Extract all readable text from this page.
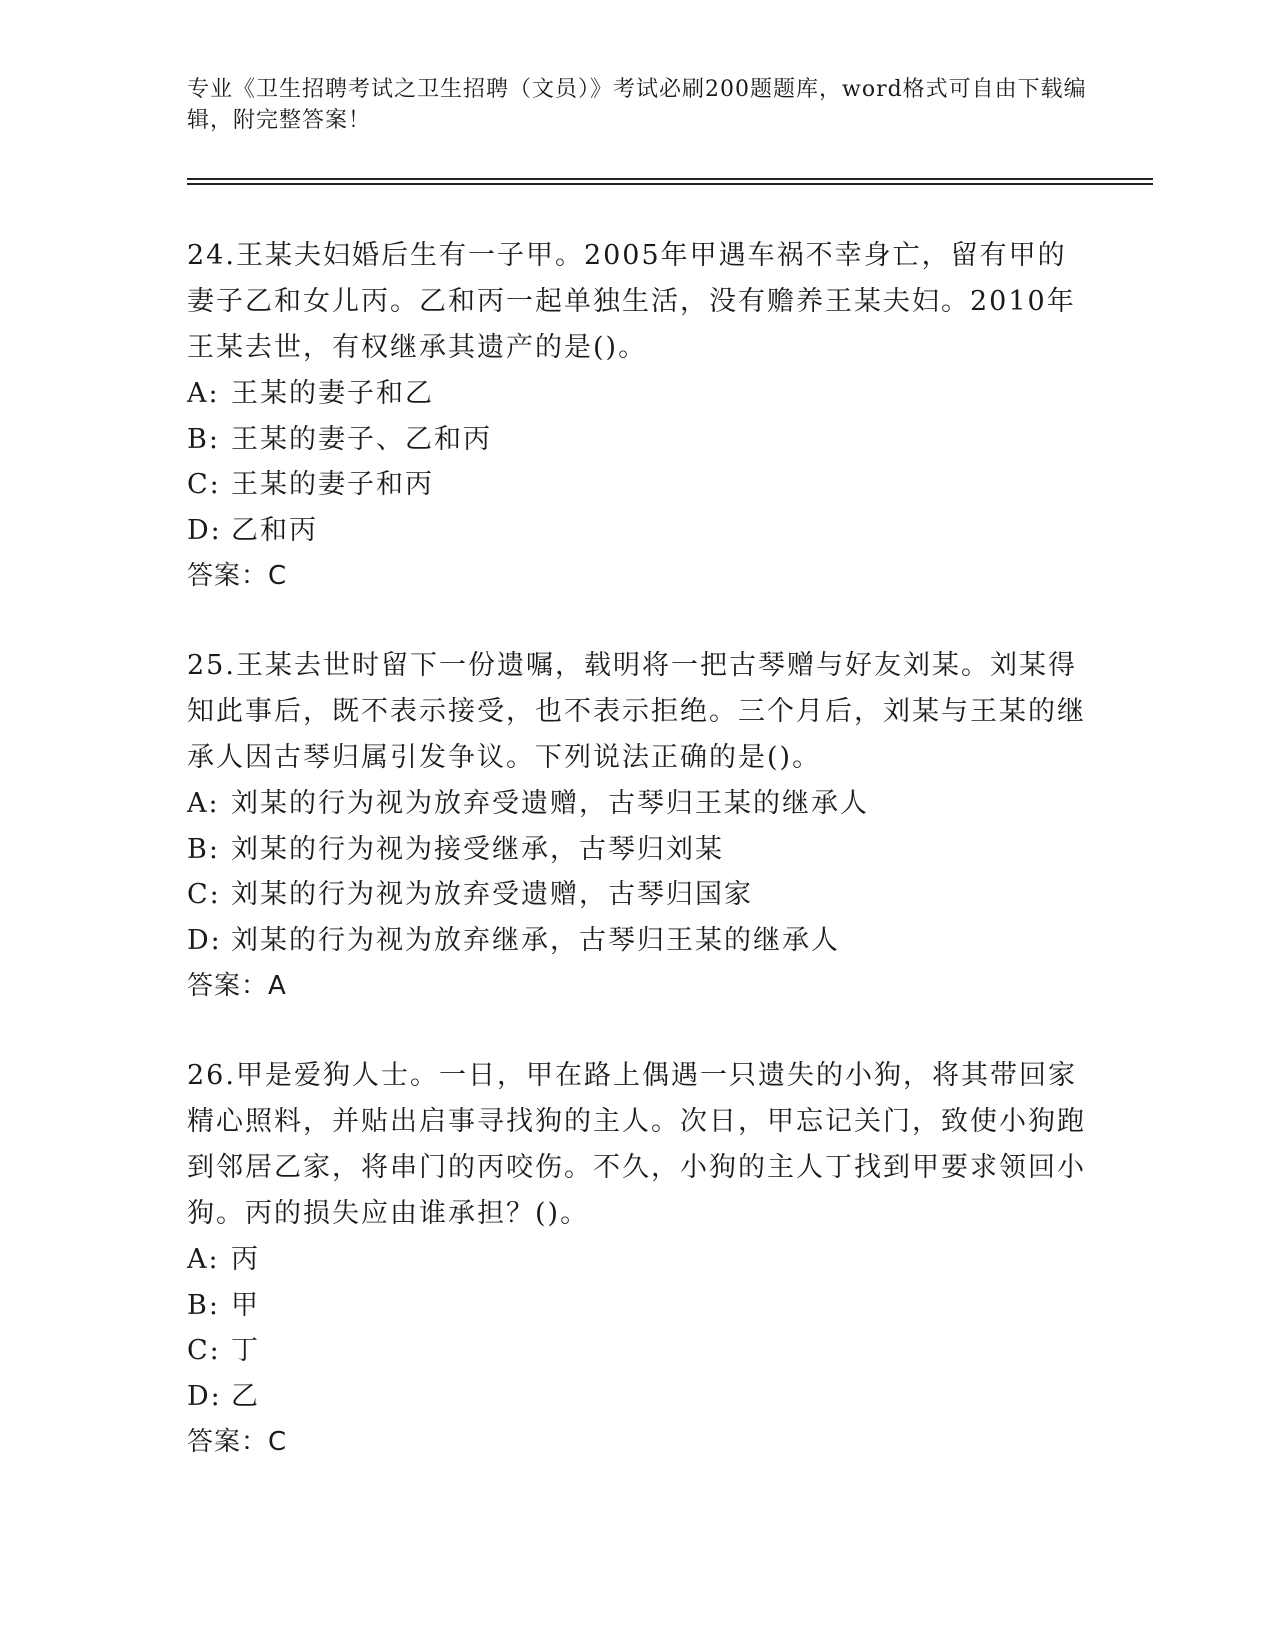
专业《卫生招聘考试之卫生招聘（文员）》考试必刷200题题库，word格式可自由下载编辑，附完整答案！

24.王某夫妇婚后生有一子甲。2005年甲遇车祸不幸身亡，留有甲的妻子乙和女儿丙。乙和丙一起单独生活，没有赡养王某夫妇。2010年王某去世，有权继承其遗产的是()。

A: 王某的妻子和乙

B: 王某的妻子、乙和丙

C: 王某的妻子和丙

D: 乙和丙

答案：C

25.王某去世时留下一份遗嘱，载明将一把古琴赠与好友刘某。刘某得知此事后，既不表示接受，也不表示拒绝。三个月后，刘某与王某的继承人因古琴归属引发争议。下列说法正确的是()。

A: 刘某的行为视为放弃受遗赠，古琴归王某的继承人

B: 刘某的行为视为接受继承，古琴归刘某

C: 刘某的行为视为放弃受遗赠，古琴归国家

D: 刘某的行为视为放弃继承，古琴归王某的继承人

答案：A

26.甲是爱狗人士。一日，甲在路上偶遇一只遗失的小狗，将其带回家精心照料，并贴出启事寻找狗的主人。次日，甲忘记关门，致使小狗跑到邻居乙家，将串门的丙咬伤。不久，小狗的主人丁找到甲要求领回小狗。丙的损失应由谁承担？()。

A: 丙

B: 甲

C: 丁

D: 乙

答案：C
